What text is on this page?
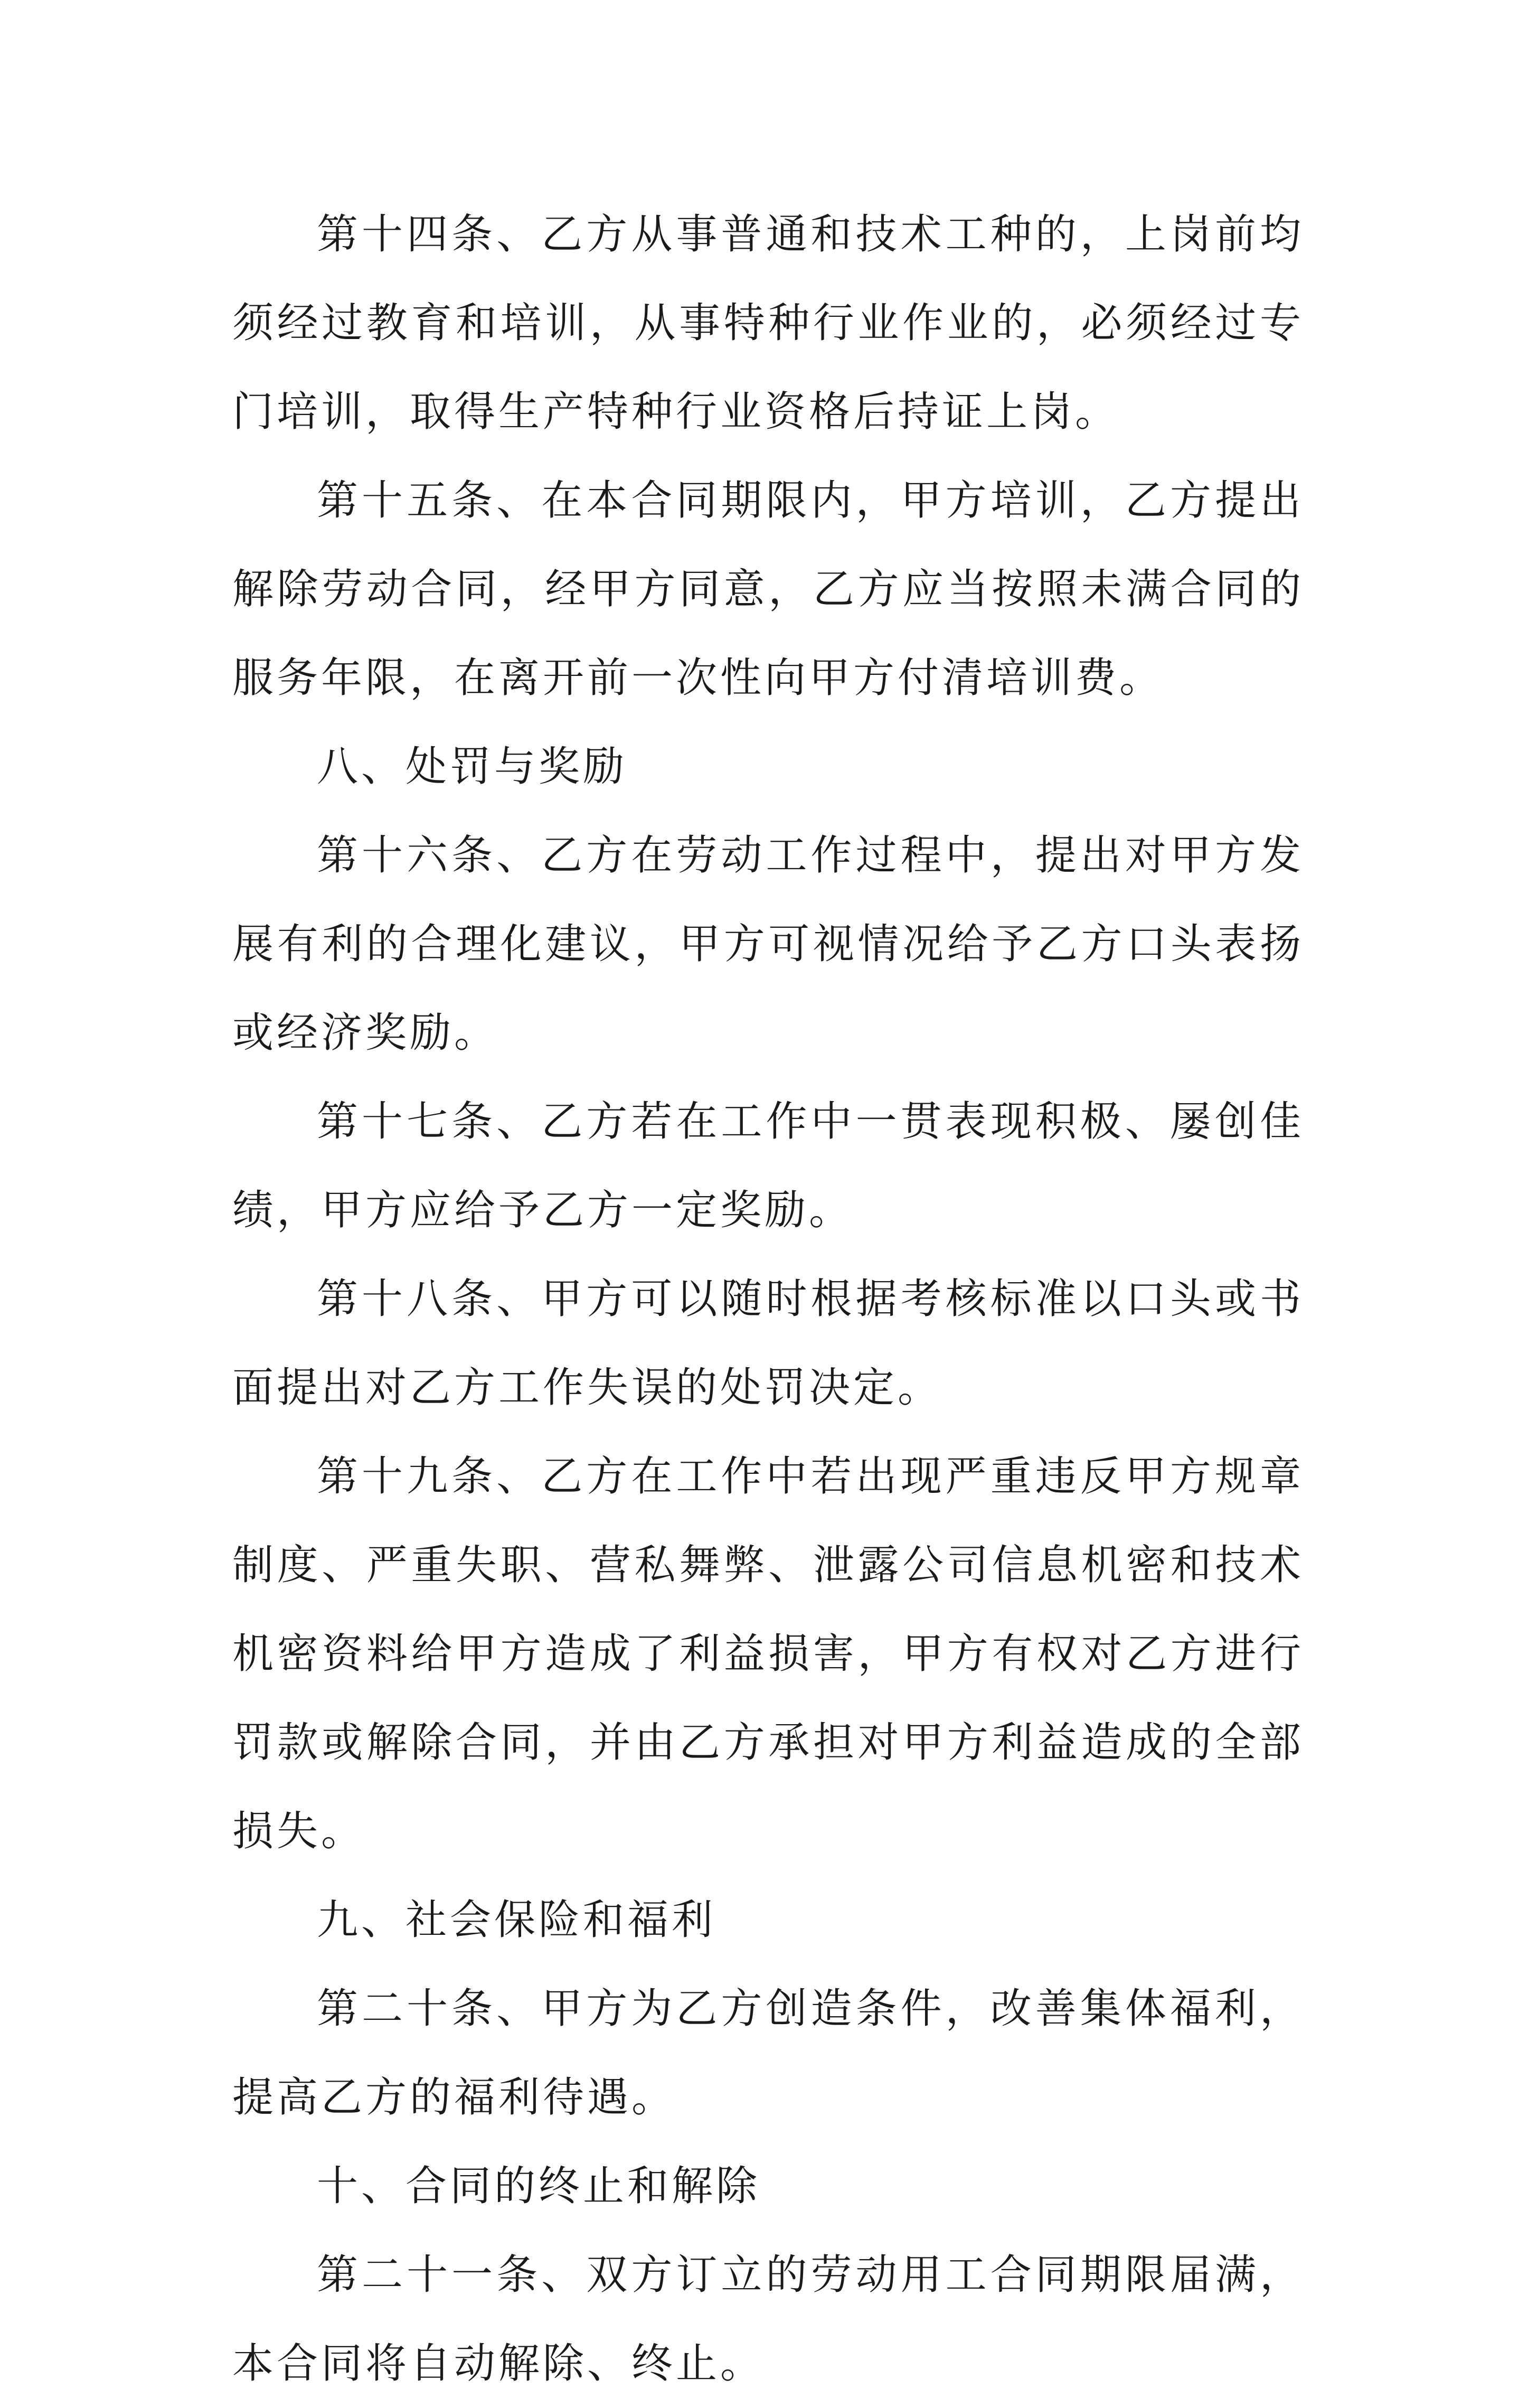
第十四条、乙方从事普通和技术工种的，上岗前均须经过教育和培训，从事特种行业作业的，必须经过专门培训，取得生产特种行业资格后持证上岗。

第十五条、在本合同期限内，甲方培训，乙方提出解除劳动合同，经甲方同意，乙方应当按照未满合同的服务年限，在离开前一次性向甲方付清培训费。

八、处罚与奖励

第十六条、乙方在劳动工作过程中，提出对甲方发展有利的合理化建议，甲方可视情况给予乙方口头表扬或经济奖励。

第十七条、乙方若在工作中一贯表现积极、屡创佳绩，甲方应给予乙方一定奖励。

第十八条、甲方可以随时根据考核标准以口头或书面提出对乙方工作失误的处罚决定。

第十九条、乙方在工作中若出现严重违反甲方规章制度、严重失职、营私舞弊、泄露公司信息机密和技术机密资料给甲方造成了利益损害，甲方有权对乙方进行罚款或解除合同，并由乙方承担对甲方利益造成的全部损失。

九、社会保险和福利

第二十条、甲方为乙方创造条件，改善集体福利，提高乙方的福利待遇。

十、合同的终止和解除

第二十一条、双方订立的劳动用工合同期限届满，本合同将自动解除、终止。
